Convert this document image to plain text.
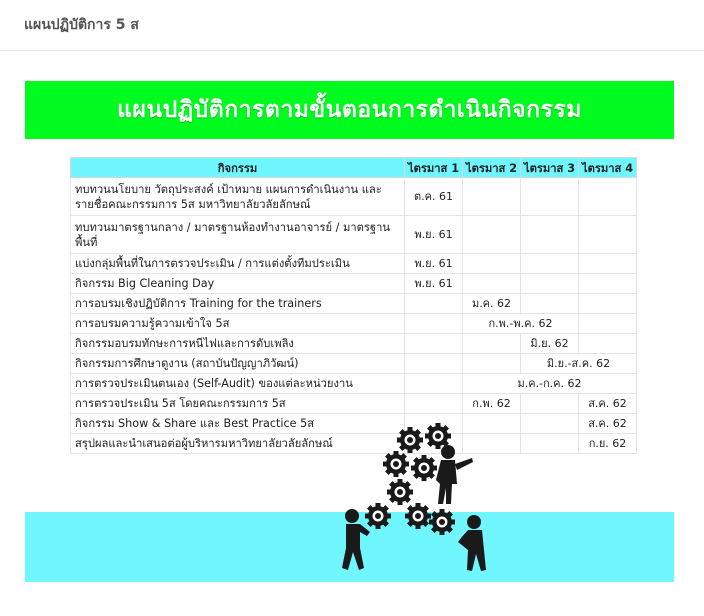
แผนปฏิบัติการ 5 ส
แผนปฏิบัติการตามขั้นตอนการดำเนินกิจกรรม
กิจกรรม	ไตรมาส 1	ไตรมาส 2	ไตรมาส 3	ไตรมาส 4
ทบทวนนโยบาย วัตถุประสงค์ เป้าหมาย แผนการดำเนินงาน และรายชื่อคณะกรรมการ 5ส มหาวิทยาลัยวลัยลักษณ์	ต.ค. 61			
ทบทวนมาตรฐานกลาง / มาตรฐานห้องทำงานอาจารย์ / มาตรฐานพื้นที่	พ.ย. 61			
แบ่งกลุ่มพื้นที่ในการตรวจประเมิน / การแต่งตั้งทีมประเมิน	พ.ย. 61			
กิจกรรม Big Cleaning Day	พ.ย. 61			
การอบรมเชิงปฏิบัติการ Training for the trainers		ม.ค. 62		
การอบรมความรู้ความเข้าใจ 5ส		ก.พ.-พ.ค. 62		
กิจกรรมอบรมทักษะการหนีไฟและการดับเพลิง			มิ.ย. 62	
กิจกรรมการศึกษาดูงาน (สถาบันปัญญาภิวัฒน์)			มิ.ย.-ส.ค. 62	
การตรวจประเมินตนเอง (Self-Audit) ของแต่ละหน่วยงาน		ม.ค.-ก.ค. 62		
การตรวจประเมิน 5ส โดยคณะกรรมการ 5ส		ก.พ. 62		ส.ค. 62
กิจกรรม Show & Share และ Best Practice 5ส				ส.ค. 62
สรุปผลและนำเสนอต่อผู้บริหารมหาวิทยาลัยวลัยลักษณ์				ก.ย. 62
